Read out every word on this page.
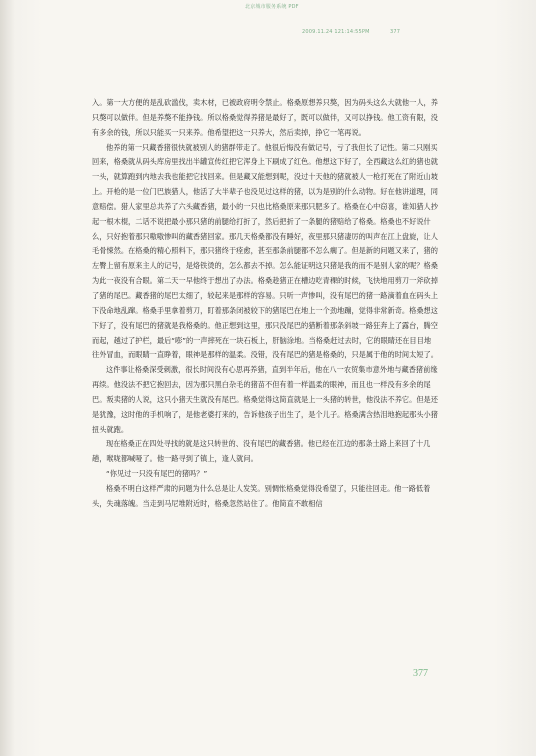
北京城市服务系统 PDF
2009.11.24 121:14:55PM	377

入。第一大方便的是乱砍滥伐，卖木材，已被政府明令禁止。格桑原想养只獒，因为码头这么大就他一人，养只獒可以做伴。但是养獒不能挣钱。所以格桑觉得养猪是最好了，既可以做伴，又可以挣钱。他工资有限，没有多余的钱，所以只能买一只来养。他希望把这一只养大，然后卖掉，挣它一笔再说。

他养的第一只藏香猪很快就被别人的猪群带走了。他很后悔没有做记号，亏了我但长了记性。第二只刚买回来，格桑就从码头库房里找出半罐宣传红把它浑身上下刷成了红色。他想这下好了，全西藏这么红的猪也就一头，就算跑到内地去我也能把它找回来。但是藏又能想到呢，没过十天他的猪就被人一枪打死在了附近山坡上。开枪的是一位门巴族猎人，他活了大半辈子也没见过这样的猪，以为是别的什么动物。好在他讲道理，同意赔偿。猎人家里总共养了六头藏香猪，最小的一只也比格桑原来那只肥多了。格桑在心中窃喜，谁知猎人抄起一根木棍，二话不说把最小那只猪的前腿给打折了，然后把折了一条腿的猪赔给了格桑。格桑也不好说什么，只好抱着那只嗷嗷惨叫的藏香猪回家。那几天格桑都没有睡好，夜里那只猪凄厉的叫声在江上盘旋，让人毛骨悚然。在格桑的精心照料下，那只猪终于痊愈，甚至那条前腿都不怎么瘸了。但是新的问题又来了，猪的左臀上留有原来主人的记号，是烙铁烫的，怎么都去不掉。怎么能证明这只猪是我的而不是别人家的呢？格桑为此一夜没有合眼。第二天一早他终于想出了办法。格桑趁猪正在槽边吃青稞的时候，飞快地用剪刀一斧砍掉了猪的尾巴。藏香猪的尾巴太细了，较起来是那样的容易。只听一声惨叫，没有尾巴的猪一路滴着血在码头上下没命地乱蹿。格桑手里拿着剪刀，盯着那条闭被较下的猪尾巴在地上一个劲地蹦，觉得非常新奇。格桑想这下好了，没有尾巴的猪就是我格桑的。他正想到这里，那只没尾巴的猎断着那条斜坡一路狂奔上了露台，腾空而起，越过了护栏，最后“嘭”的一声摔死在一块石板上，肝脑涂地。当格桑赶过去时，它的眼睛还在目目地往外冒血，而眼睛一直睁着，眼神是那样的温柔。没错，没有尾巴的猪是格桑的，只是属于他的时间太短了。

这件事让格桑深受刺激，很长时间没有心思再养猪，直到半年后，他在八一农贸集市意外地与藏香猪前缘再续。他没法不把它抱回去，因为那只黑白杂毛的猪苗不但有着一样温柔的眼神，而且也一样没有多余的尾巴。叛卖猪的人说，这只小猪天生就没有尾巴。格桑觉得这简直就是上一头猪的转世，他没法不养它。但是还是犹豫，这时他的手机响了，是他老婆打来的，告诉他孩子出生了，是个儿子。格桑满含热泪地抱起那头小猪扭头就跑。

现在格桑正在四处寻找的就是这只转世的、没有尾巴的藏香猪。他已经在江边的那条土路上来回了十几趟，喉咙都喊哑了。他一路寻到了镇上，逢人就问。

“你见过一只没有尾巴的猪吗？”

格桑不明白这样严肃的问题为什么总是让人发笑。别惆怅格桑觉得没希望了，只能往回走。他一路低着头，失魂落魄。当走到马尼堆附近时，格桑忽然站住了。他简直不敢相信

377
